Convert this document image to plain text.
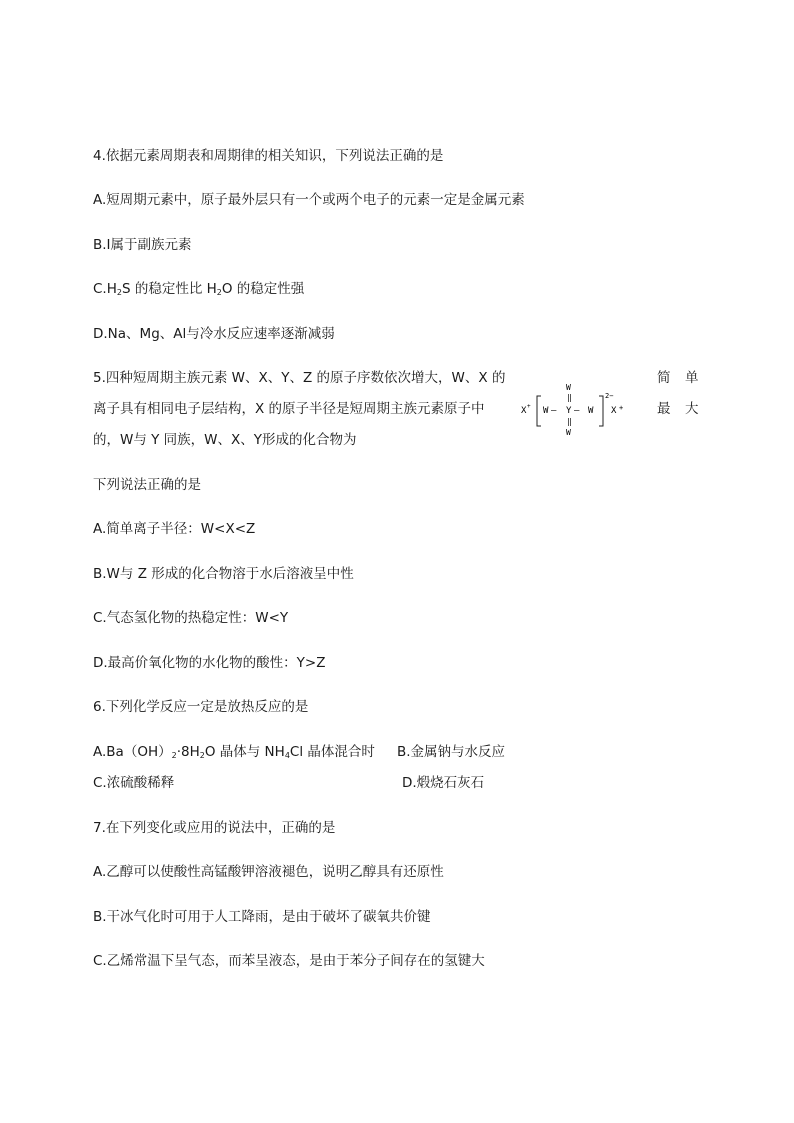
4.依据元素周期表和周期律的相关知识，下列说法正确的是
A.短周期元素中，原子最外层只有一个或两个电子的元素一定是金属元素
B.I属于副族元素
$C.H_2S$ 的稳定性比 $H_2O$ 的稳定性强
D.Na、Mg、Al与冷水反应速率逐渐减弱
5.四种短周期主族元素 W、X、Y、Z 的原子序数依次增大，W、X 的
离子具有相同电子层结构，X 的原子半径是短周期主族元素原子中
的，W与 Y 同族，W、X、Y形成的化合物为
简 单
最 大
X + W — Y — W
W
‖
‖
W
2−
X +
下列说法正确的是
A.简单离子半径：W<X<Z
B.W与 Z 形成的化合物溶于水后溶液呈中性
C.气态氢化物的热稳定性：W<Y
D.最高价氧化物的水化物的酸性：Y>Z
6.下列化学反应一定是放热反应的是
$A.Ba(OH)_2\cdot 8H_2O$ 晶体与 $NH_4Cl$ 晶体混合时 B.金属钠与水反应
C.浓硫酸稀释	D.煅烧石灰石
7.在下列变化或应用的说法中，正确的是
A.乙醇可以使酸性高锰酸钾溶液褪色，说明乙醇具有还原性
B.干冰气化时可用于人工降雨，是由于破坏了碳氧共价键
C.乙烯常温下呈气态，而苯呈液态，是由于苯分子间存在的氢键大
